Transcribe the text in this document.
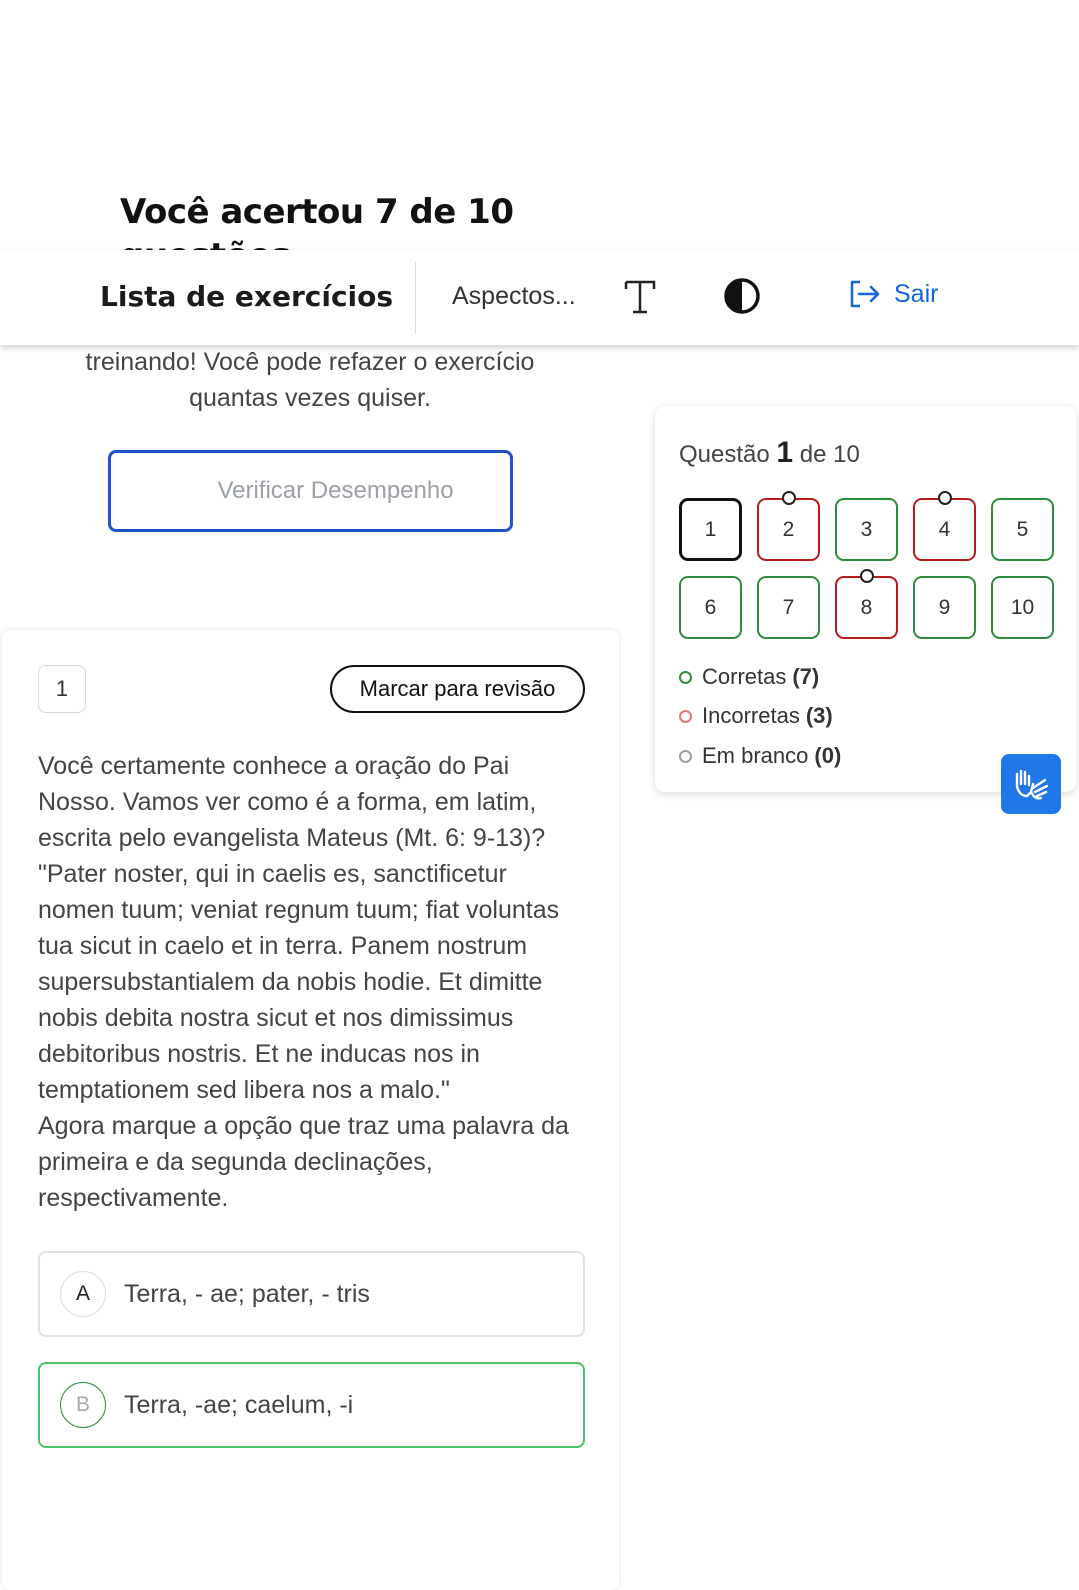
Você acertou 7 de 10
Lista de exercícios Aspectos...	Sair
treinando! Você pode refazer o exercício
quantas vezes quiser.
Verificar Desempenho
1	Marcar para revisão

Você certamente conhece a oração do Pai Nosso. Vamos ver como é a forma, em latim, escrita pelo evangelista Mateus (Mt. 6: 9-13)? "Pater noster, qui in caelis es, sanctificetur nomen tuum; veniat regnum tuum; fiat voluntas tua sicut in caelo et in terra. Panem nostrum supersubstantialem da nobis hodie. Et dimitte nobis debita nostra sicut et nos dimissimus debitoribus nostris. Et ne inducas nos in temptationem sed libera nos a malo."

Agora marque a opção que traz uma palavra da primeira e da segunda declinações, respectivamente.

A	Terra, - ae; pater, - tris
B	Terra, -ae; caelum, -i
Questão 1 de 10
1	2	3	4	5
6	7	8	9	10
Corretas (7)
Incorretas (3)
Em branco (0)
